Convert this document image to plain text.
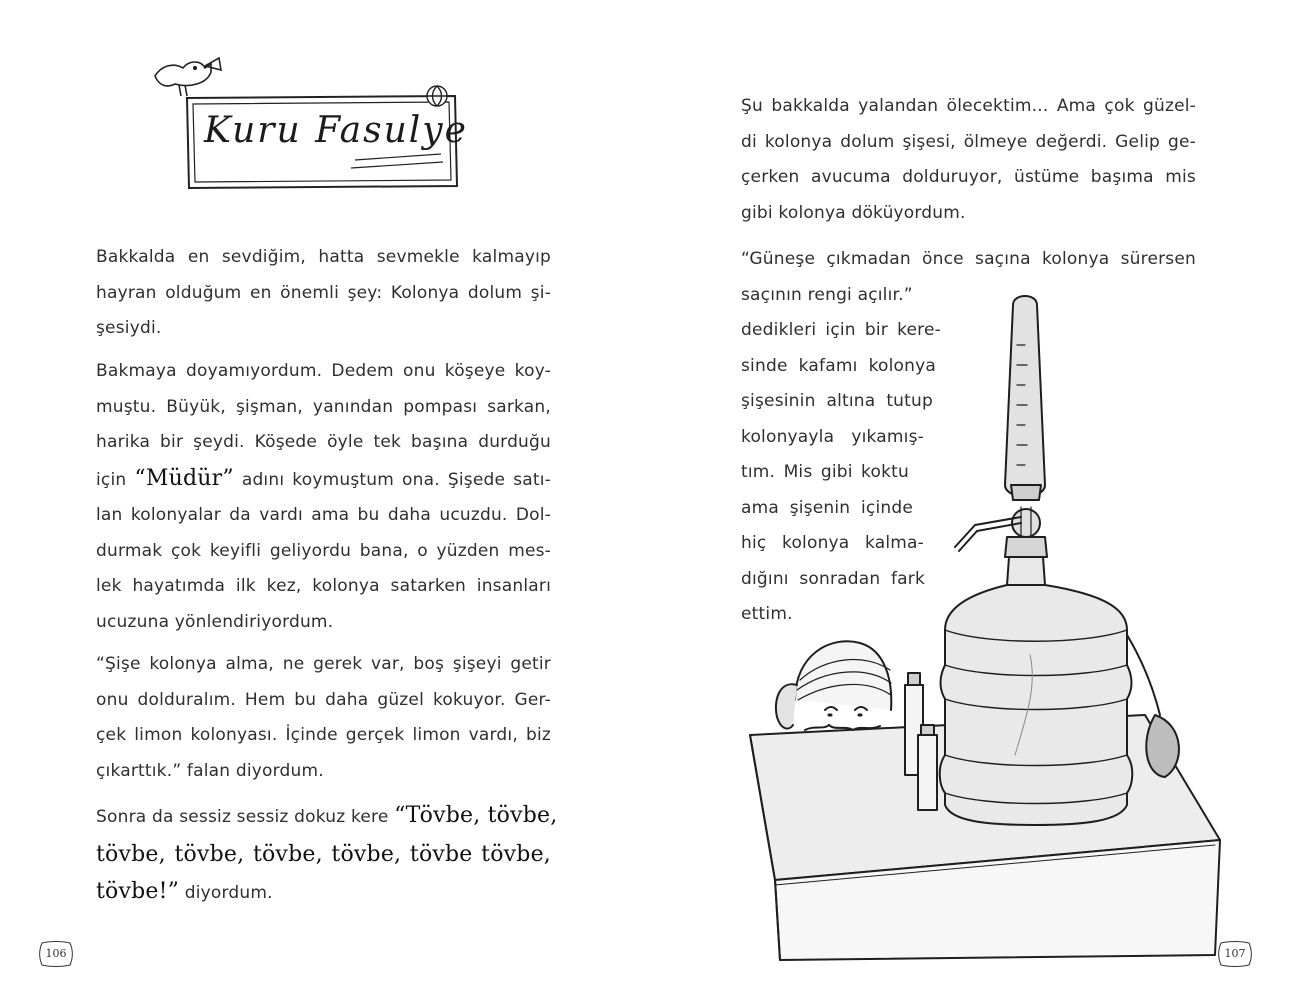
Kuru Fasulye

Bakkalda en sevdiğim, hatta sevmekle kalmayıp
hayran olduğum en önemli şey: Kolonya dolum şi-
şesiydi.

Bakmaya doyamıyordum. Dedem onu köşeye koy-
muştu. Büyük, şişman, yanından pompası sarkan,
harika bir şeydi. Köşede öyle tek başına durduğu
için “Müdür” adını koymuştum ona. Şişede satı-
lan kolonyalar da vardı ama bu daha ucuzdu. Dol-
durmak çok keyifli geliyordu bana, o yüzden mes-
lek hayatımda ilk kez, kolonya satarken insanları
ucuzuna yönlendiriyordum.

“Şişe kolonya alma, ne gerek var, boş şişeyi getir
onu dolduralım. Hem bu daha güzel kokuyor. Ger-
çek limon kolonyası. İçinde gerçek limon vardı, biz
çıkarttık.” falan diyordum.

Sonra da sessiz sessiz dokuz kere “Tövbe, tövbe,
tövbe, tövbe, tövbe, tövbe, tövbe tövbe,
tövbe!” diyordum.

106

Şu bakkalda yalandan ölecektim... Ama çok güzel-
di kolonya dolum şişesi, ölmeye değerdi. Gelip ge-
çerken avucuma dolduruyor, üstüme başıma mis
gibi kolonya döküyordum.

“Güneşe çıkmadan önce saçına kolonya sürersen
saçının rengi açılır.”
dedikleri için bir kere-
sinde kafamı kolonya
şişesinin altına tutup
kolonyayla yıkamış-
tım. Mis gibi koktu
ama şişenin içinde
hiç kolonya kalma-
dığını sonradan fark
ettim.

107
